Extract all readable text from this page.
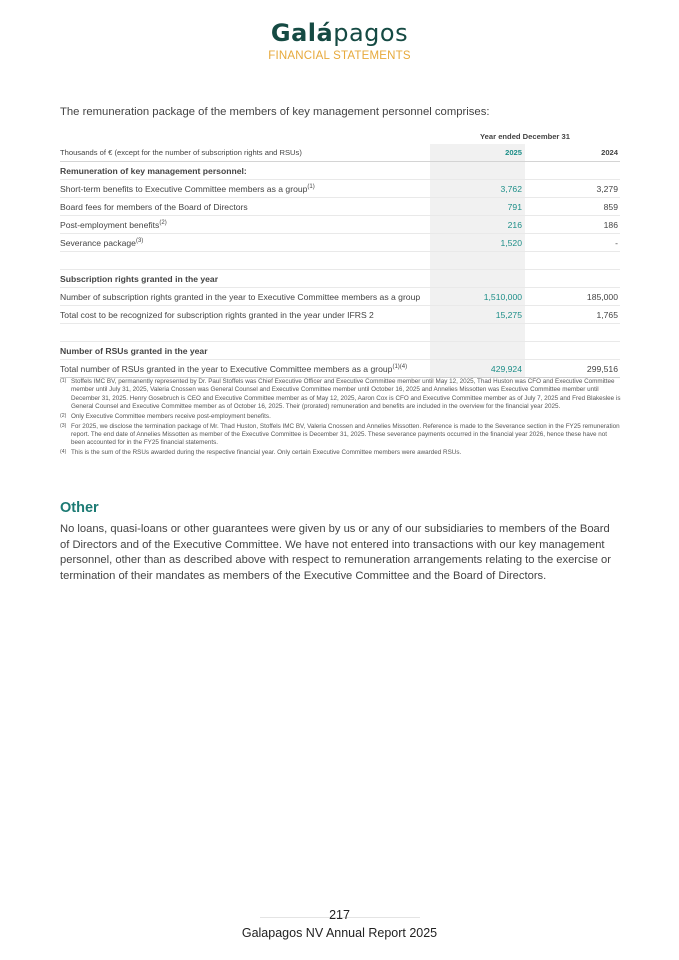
Galápagos
FINANCIAL STATEMENTS
The remuneration package of the members of key management personnel comprises:
Year ended December 31
Thousands of € (except for the number of subscription rights and RSUs)	2025	2024
Remuneration of key management personnel:
Short-term benefits to Executive Committee members as a group$^{(1)}$	3,762	3,279
Board fees for members of the Board of Directors	791	859
Post-employment benefits$^{(2)}$	216	186
Severance package$^{(3)}$	1,520	-
Subscription rights granted in the year
Number of subscription rights granted in the year to Executive Committee members as a group	1,510,000	185,000
Total cost to be recognized for subscription rights granted in the year under IFRS 2	15,275	1,765
Number of RSUs granted in the year
Total number of RSUs granted in the year to Executive Committee members as a group$^{(1)(4)}$	429,924	299,516
(1) Stoffels IMC BV, permanently represented by Dr. Paul Stoffels was Chief Executive Officer and Executive Committee member until May 12, 2025, Thad Huston was CFO and Executive Committee member until July 31, 2025, Valeria Cnossen was General Counsel and Executive Committee member until October 16, 2025 and Annelies Missotten was Executive Committee member until December 31, 2025. Henry Gosebruch is CEO and Executive Committee member as of May 12, 2025, Aaron Cox is CFO and Executive Committee member as of July 7, 2025 and Fred Blakeslee is General Counsel and Executive Committee member as of October 16, 2025. Their (prorated) remuneration and benefits are included in the overview for the financial year 2025.
(2) Only Executive Committee members receive post-employment benefits.
(3) For 2025, we disclose the termination package of Mr. Thad Huston, Stoffels IMC BV, Valeria Cnossen and Annelies Missotten. Reference is made to the Severance section in the FY25 remuneration report. The end date of Annelies Missotten as member of the Executive Committee is December 31, 2025. These severance payments occurred in the financial year 2026, hence these have not been accounted for in the FY25 financial statements.
(4) This is the sum of the RSUs awarded during the respective financial year. Only certain Executive Committee members were awarded RSUs.
Other
No loans, quasi-loans or other guarantees were given by us or any of our subsidiaries to members of the Board of Directors and of the Executive Committee. We have not entered into transactions with our key management personnel, other than as described above with respect to remuneration arrangements relating to the exercise or termination of their mandates as members of the Executive Committee and the Board of Directors.
217
Galapagos NV Annual Report 2025
